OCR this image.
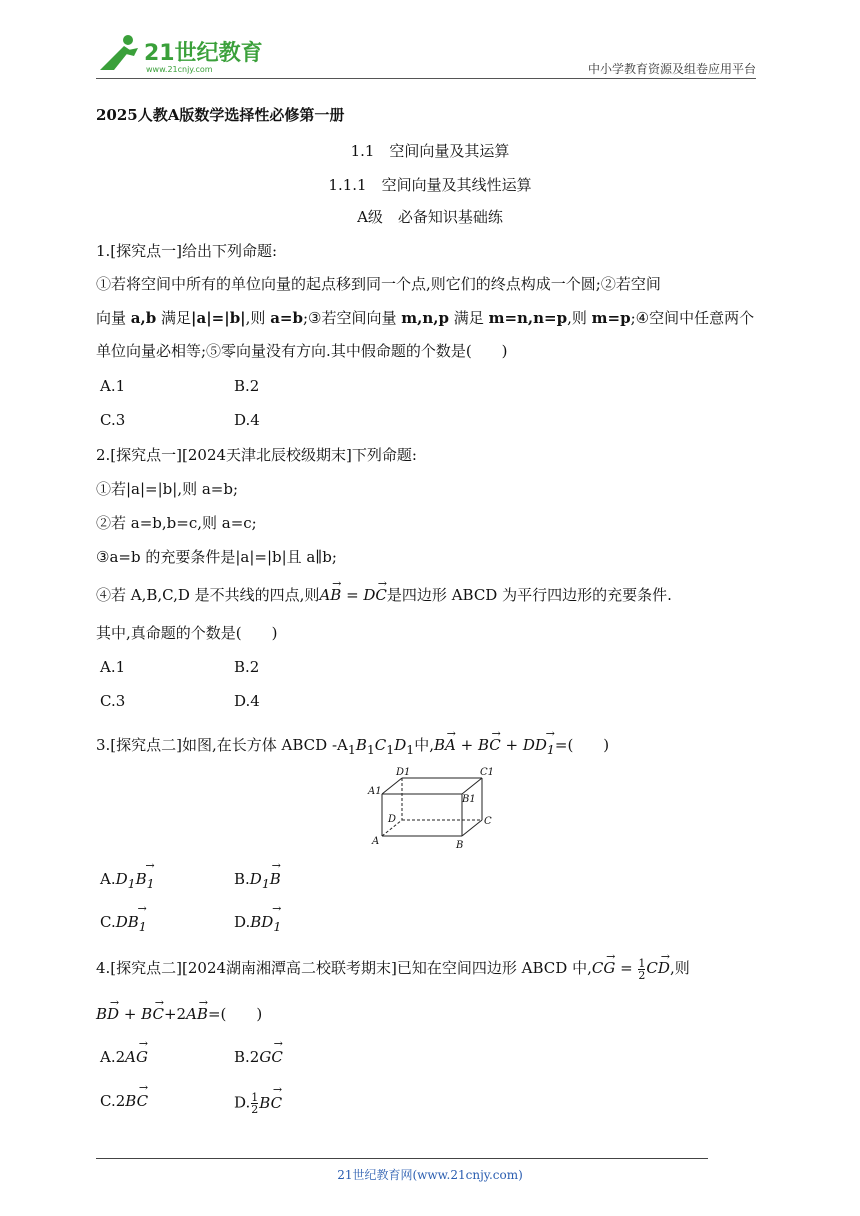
21世纪教育
www.21cnjy.com	中小学教育资源及组卷应用平台
2025人教A版数学选择性必修第一册
1.1　空间向量及其运算
1.1.1　空间向量及其线性运算
A级　必备知识基础练
1.[探究点一]给出下列命题:
①若将空间中所有的单位向量的起点移到同一个点,则它们的终点构成一个圆;②若空间
向量 a,b 满足|a|=|b|,则 a=b;③若空间向量 m,n,p 满足 m=n,n=p,则 m=p;④空间中任意两个
单位向量必相等;⑤零向量没有方向.其中假命题的个数是(　　)
A.1	B.2
C.3	D.4
2.[探究点一][2024天津北辰校级期末]下列命题:
①若|a|=|b|,则 a=b;
②若 a=b,b=c,则 a=c;
③a=b 的充要条件是|a|=|b|且 a∥b;
④若 A,B,C,D 是不共线的四点,则→ AB = → DC是四边形 ABCD 为平行四边形的充要条件.
其中,真命题的个数是(　　)
A.1	B.2
C.3	D.4
3.[探究点二]如图,在长方体 ABCD $-A_1B_1C_1D_1$中,→ BA + → BC + → $DD_1=$(　　)
D1	C1
A1
B1
D	C
A	B
$A.\to D_1B_1$	$B.\to D_1B$
$C.\to DB_1$	$D.\to BD_1$
4.[探究点二][2024湖南湘潭高二校联考期末]已知在空间四边形 ABCD 中,→ CG = $\frac{1}{2}$ → CD,则
→ BD + → BC+2→ AB=(　　)
A.2→ AG	B.2→ GC
C.2→ BC	D. $\frac{1}{2}$ → BC
21世纪教育网(www.21cnjy.com)
